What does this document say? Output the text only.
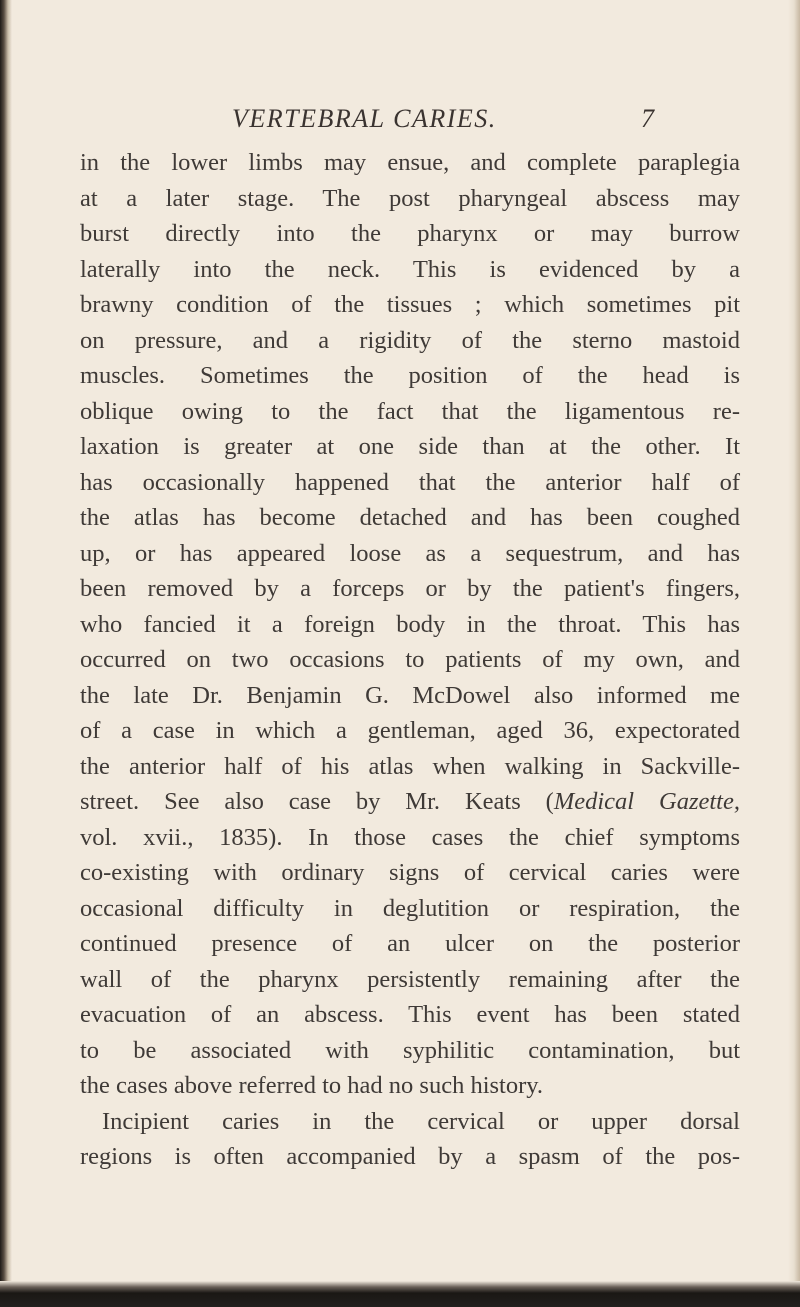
VERTEBRAL CARIES.	7
in the lower limbs may ensue, and complete paraplegia
at a later stage. The post pharyngeal abscess may
burst directly into the pharynx or may burrow
laterally into the neck. This is evidenced by a
brawny condition of the tissues ; which sometimes pit
on pressure, and a rigidity of the sterno mastoid
muscles. Sometimes the position of the head is
oblique owing to the fact that the ligamentous re-
laxation is greater at one side than at the other. It
has occasionally happened that the anterior half of
the atlas has become detached and has been coughed
up, or has appeared loose as a sequestrum, and has
been removed by a forceps or by the patient's fingers,
who fancied it a foreign body in the throat. This has
occurred on two occasions to patients of my own, and
the late Dr. Benjamin G. McDowel also informed me
of a case in which a gentleman, aged 36, expectorated
the anterior half of his atlas when walking in Sackville-
street. See also case by Mr. Keats (Medical Gazette,
vol. xvii., 1835). In those cases the chief symptoms
co-existing with ordinary signs of cervical caries were
occasional difficulty in deglutition or respiration, the
continued presence of an ulcer on the posterior
wall of the pharynx persistently remaining after the
evacuation of an abscess. This event has been stated
to be associated with syphilitic contamination, but
the cases above referred to had no such history.
Incipient caries in the cervical or upper dorsal
regions is often accompanied by a spasm of the pos-
